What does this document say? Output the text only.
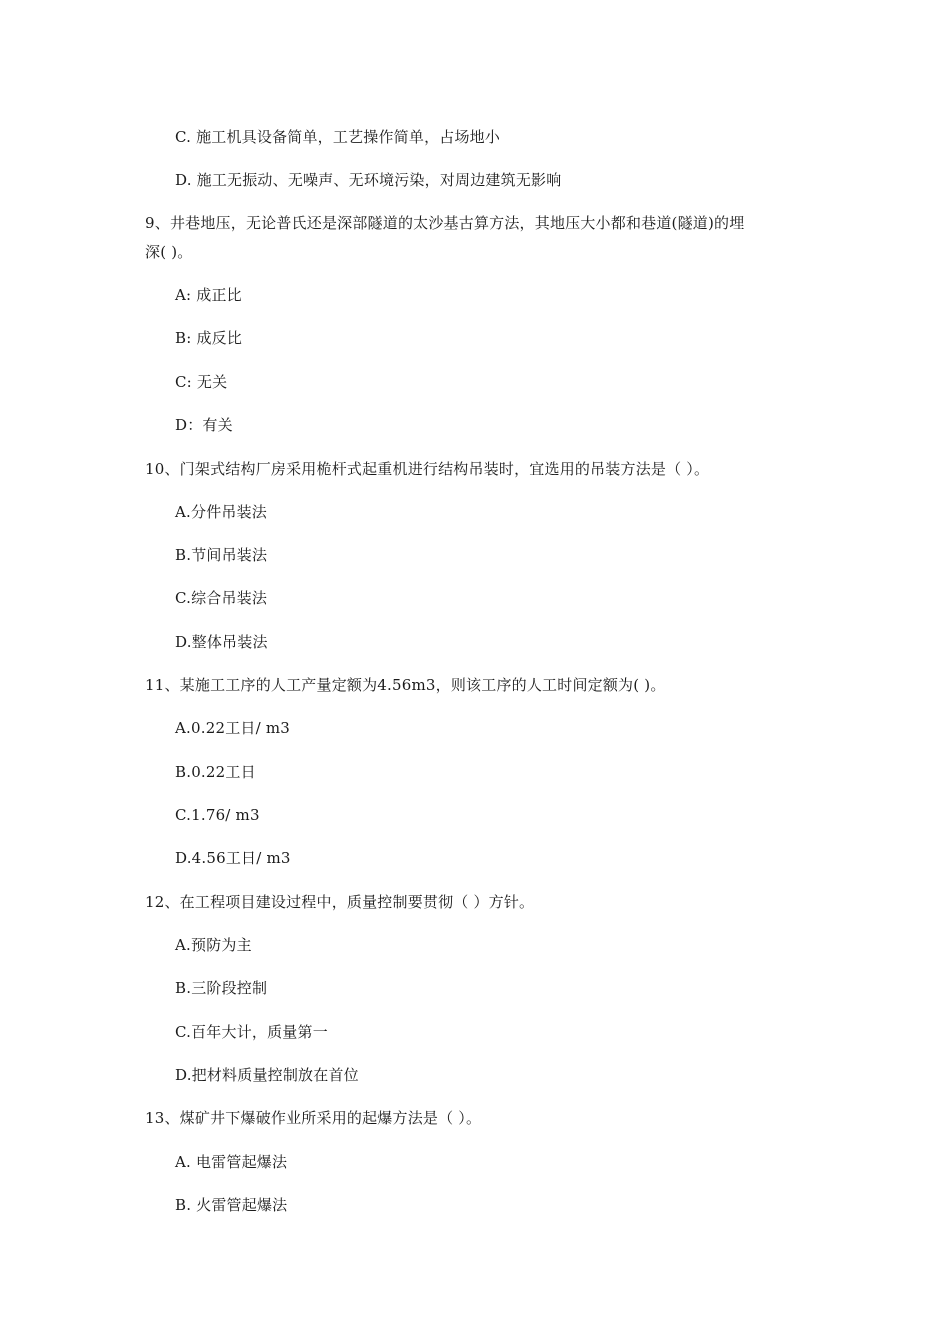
C. 施工机具设备简单，工艺操作简单，占场地小
D. 施工无振动、无噪声、无环境污染，对周边建筑无影响
9、井巷地压，无论普氏还是深部隧道的太沙基古算方法，其地压大小都和巷道(隧道)的埋
深( )。
A: 成正比
B: 成反比
C: 无关
D：有关
10、门架式结构厂房采用桅杆式起重机进行结构吊装时，宜选用的吊装方法是（ ）。
A.分件吊装法
B.节间吊装法
C.综合吊装法
D.整体吊装法
11、某施工工序的人工产量定额为4.56m3，则该工序的人工时间定额为( )。
A.0.22工日/ m3
B.0.22工日
C.1.76/ m3
D.4.56工日/ m3
12、在工程项目建设过程中，质量控制要贯彻（ ）方针。
A.预防为主
B.三阶段控制
C.百年大计，质量第一
D.把材料质量控制放在首位
13、煤矿井下爆破作业所采用的起爆方法是（ ）。
A. 电雷管起爆法
B. 火雷管起爆法
